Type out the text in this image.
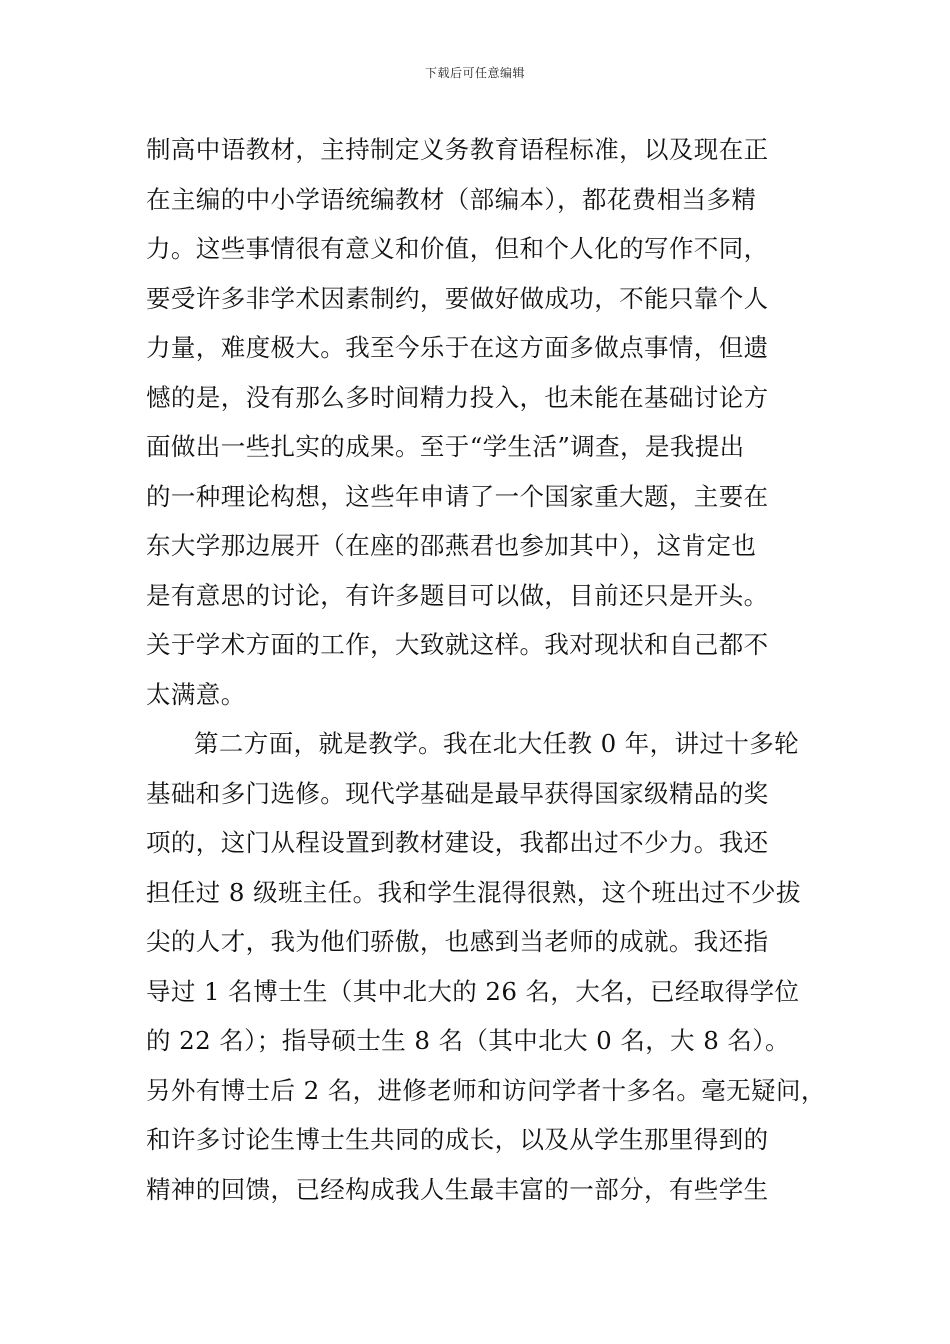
下载后可任意编辑
制高中语教材，主持制定义务教育语程标准，以及现在正
在主编的中小学语统编教材（部编本），都花费相当多精
力。这些事情很有意义和价值，但和个人化的写作不同，
要受许多非学术因素制约，要做好做成功，不能只靠个人
力量，难度极大。我至今乐于在这方面多做点事情，但遗
憾的是，没有那么多时间精力投入，也未能在基础讨论方
面做出一些扎实的成果。至于“学生活”调查，是我提出
的一种理论构想，这些年申请了一个国家重大题，主要在
东大学那边展开（在座的邵燕君也参加其中），这肯定也
是有意思的讨论，有许多题目可以做，目前还只是开头。
关于学术方面的工作，大致就这样。我对现状和自己都不
太满意。
第二方面，就是教学。我在北大任教 0 年，讲过十多轮
基础和多门选修。现代学基础是最早获得国家级精品的奖
项的，这门从程设置到教材建设，我都出过不少力。我还
担任过 8 级班主任。我和学生混得很熟，这个班出过不少拔
尖的人才，我为他们骄傲，也感到当老师的成就。我还指
导过 1 名博士生（其中北大的 26 名，大名，已经取得学位
的 22 名）；指导硕士生 8 名（其中北大 0 名，大 8 名）。
另外有博士后 2 名，进修老师和访问学者十多名。毫无疑问，
和许多讨论生博士生共同的成长，以及从学生那里得到的
精神的回馈，已经构成我人生最丰富的一部分，有些学生
